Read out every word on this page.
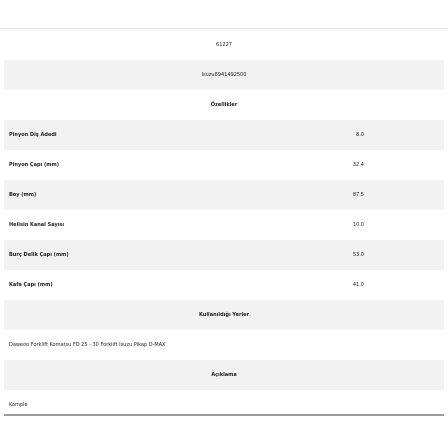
61227
Isuzu8941492500
Özellikler
Pinyon Diş Adedi	8.0
Pinyon Çapı (mm)	32.4
Boy (mm)	87.5
Helisin Kanal Sayısı	10.0
Burç Delik Çapı (mm)	53.0
Kafa Çapı (mm)	41.0
Kullanıldığı Yerler
Daweoo Forklift Komatsu FD 25 - 30 Forklift Isuzu Pikap D-MAX
Açıklama
Komple
